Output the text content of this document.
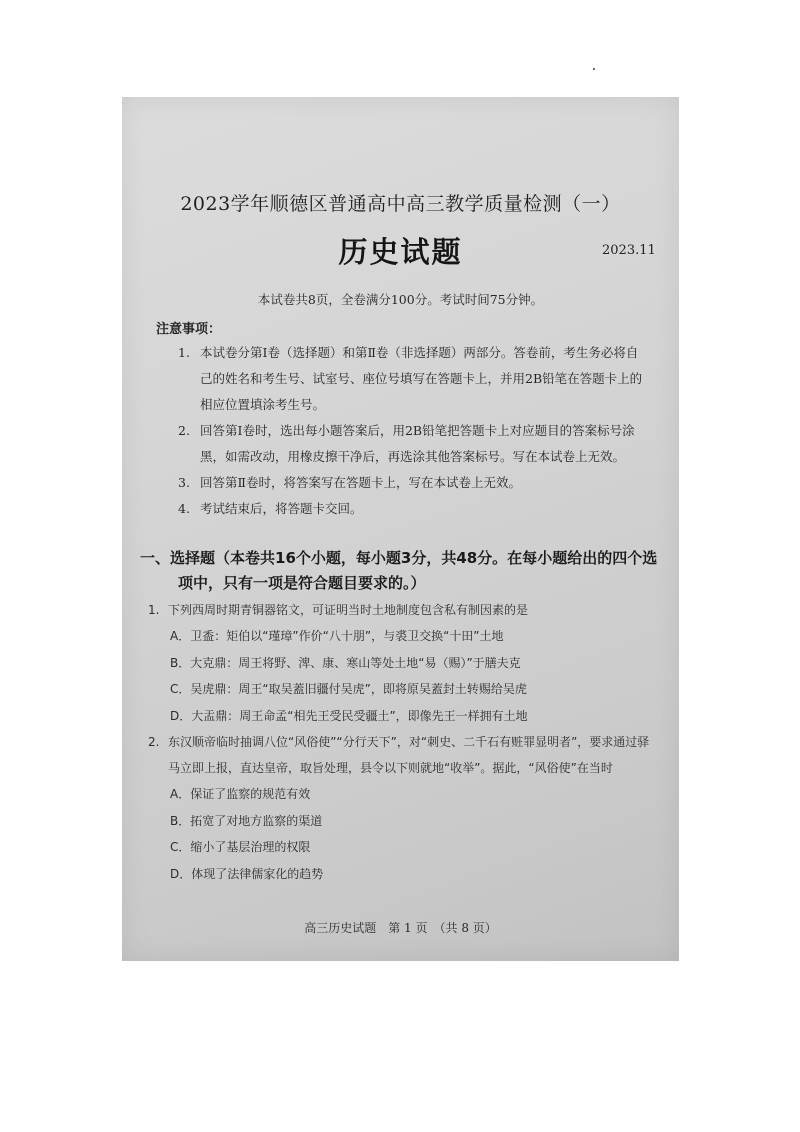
2023学年顺德区普通高中高三教学质量检测（一）
历史试题	2023.11
本试卷共8页，全卷满分100分。考试时间75分钟。
注意事项：
1. 本试卷分第Ⅰ卷（选择题）和第Ⅱ卷（非选择题）两部分。答卷前，考生务必将自己的姓名和考生号、试室号、座位号填写在答题卡上，并用2B铅笔在答题卡上的相应位置填涂考生号。
2. 回答第Ⅰ卷时，选出每小题答案后，用2B铅笔把答题卡上对应题目的答案标号涂黑，如需改动，用橡皮擦干净后，再选涂其他答案标号。写在本试卷上无效。
3. 回答第Ⅱ卷时，将答案写在答题卡上，写在本试卷上无效。
4. 考试结束后，将答题卡交回。
一、选择题（本卷共16个小题，每小题3分，共48分。在每小题给出的四个选项中，只有一项是符合题目要求的。）
1. 下列西周时期青铜器铭文，可证明当时土地制度包含私有制因素的是
A．卫盉：矩伯以“瑾璋”作价“八十朋”，与裘卫交换“十田”土地
B．大克鼎：周王将野、渒、康、寒山等处土地“易（赐）”于膳夫克
C．吴虎鼎：周王“取吴蓋旧疆付吴虎”，即将原吴蓋封土转赐给吴虎
D．大盂鼎：周王命孟“相先王受民受疆土”，即像先王一样拥有土地
2. 东汉顺帝临时抽调八位“风俗使”“分行天下”，对“刺史、二千石有赃罪显明者”，要求通过驿马立即上报，直达皇帝，取旨处理，县令以下则就地“收举”。据此，“风俗使”在当时
A．保证了监察的规范有效
B．拓宽了对地方监察的渠道
C．缩小了基层治理的权限
D．体现了法律儒家化的趋势
高三历史试题　第 1 页　（共 8 页）
